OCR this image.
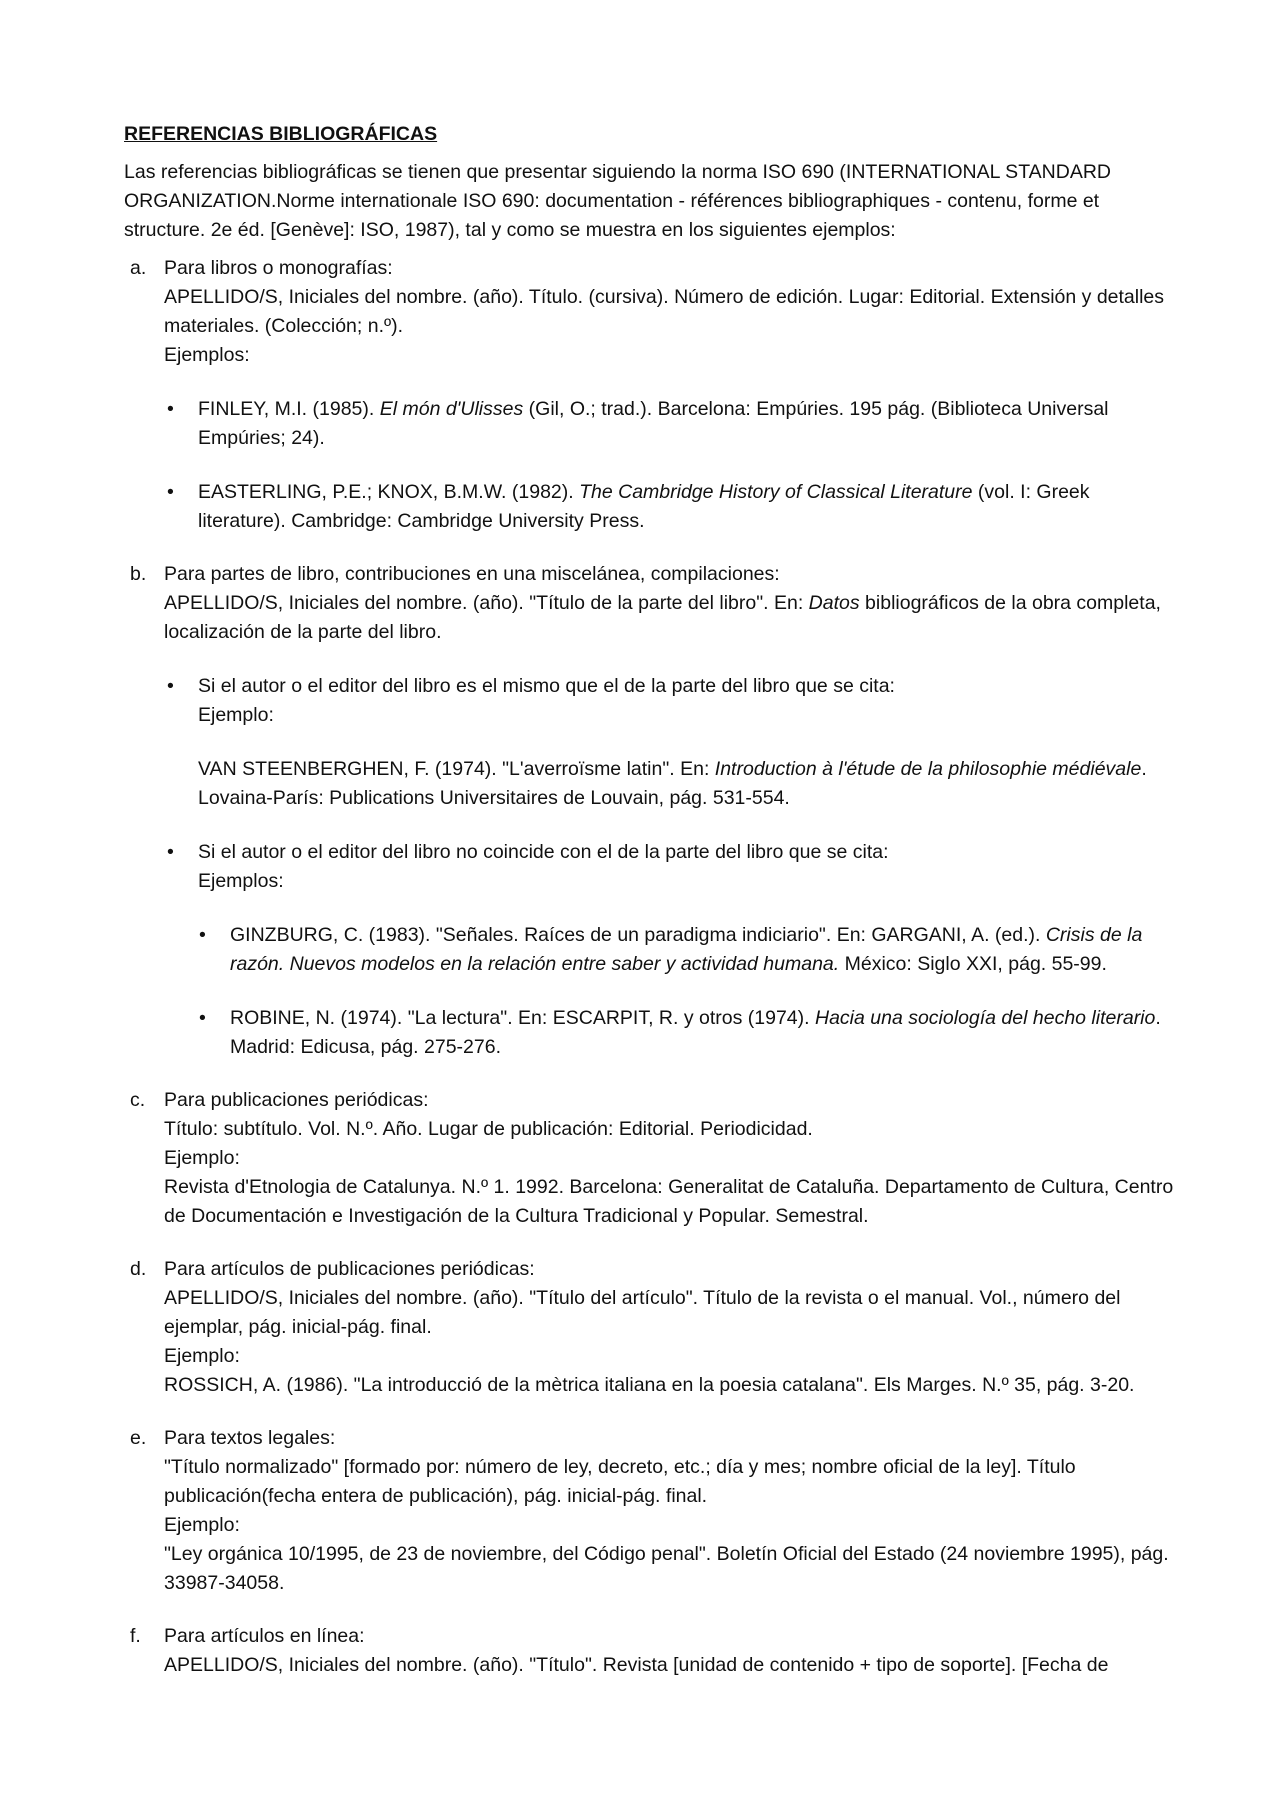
REFERENCIAS BIBLIOGRÁFICAS

Las referencias bibliográficas se tienen que presentar siguiendo la norma ISO 690 (INTERNATIONAL STANDARD ORGANIZATION.Norme internationale ISO 690: documentation - références bibliographiques - contenu, forme et structure. 2e éd. [Genève]: ISO, 1987), tal y como se muestra en los siguientes ejemplos:

a. Para libros o monografías:

APELLIDO/S, Iniciales del nombre. (año). Título. (cursiva). Número de edición. Lugar: Editorial. Extensión y detalles materiales. (Colección; n.º).

Ejemplos:

• FINLEY, M.I. (1985). El món d'Ulisses (Gil, O.; trad.). Barcelona: Empúries. 195 pág. (Biblioteca Universal Empúries; 24).

• EASTERLING, P.E.; KNOX, B.M.W. (1982). The Cambridge History of Classical Literature (vol. I: Greek literature). Cambridge: Cambridge University Press.

b. Para partes de libro, contribuciones en una miscelánea, compilaciones:

APELLIDO/S, Iniciales del nombre. (año). "Título de la parte del libro". En: Datos bibliográficos de la obra completa, localización de la parte del libro.

• Si el autor o el editor del libro es el mismo que el de la parte del libro que se cita:

Ejemplo:

VAN STEENBERGHEN, F. (1974). "L'averroïsme latin". En: Introduction à l'étude de la philosophie médiévale. Lovaina-París: Publications Universitaires de Louvain, pág. 531-554.

• Si el autor o el editor del libro no coincide con el de la parte del libro que se cita:

Ejemplos:

• GINZBURG, C. (1983). "Señales. Raíces de un paradigma indiciario". En: GARGANI, A. (ed.). Crisis de la razón. Nuevos modelos en la relación entre saber y actividad humana. México: Siglo XXI, pág. 55-99.

• ROBINE, N. (1974). "La lectura". En: ESCARPIT, R. y otros (1974). Hacia una sociología del hecho literario. Madrid: Edicusa, pág. 275-276.

c. Para publicaciones periódicas:

Título: subtítulo. Vol. N.º. Año. Lugar de publicación: Editorial. Periodicidad.

Ejemplo:

Revista d'Etnologia de Catalunya. N.º 1. 1992. Barcelona: Generalitat de Cataluña. Departamento de Cultura, Centro de Documentación e Investigación de la Cultura Tradicional y Popular. Semestral.

d. Para artículos de publicaciones periódicas:

APELLIDO/S, Iniciales del nombre. (año). "Título del artículo". Título de la revista o el manual. Vol., número del ejemplar, pág. inicial-pág. final.

Ejemplo:

ROSSICH, A. (1986). "La introducció de la mètrica italiana en la poesia catalana". Els Marges. N.º 35, pág. 3-20.

e. Para textos legales:

"Título normalizado" [formado por: número de ley, decreto, etc.; día y mes; nombre oficial de la ley]. Título publicación(fecha entera de publicación), pág. inicial-pág. final.

Ejemplo:

"Ley orgánica 10/1995, de 23 de noviembre, del Código penal". Boletín Oficial del Estado (24 noviembre 1995), pág. 33987-34058.

f. Para artículos en línea:

APELLIDO/S, Iniciales del nombre. (año). "Título". Revista [unidad de contenido + tipo de soporte]. [Fecha de
